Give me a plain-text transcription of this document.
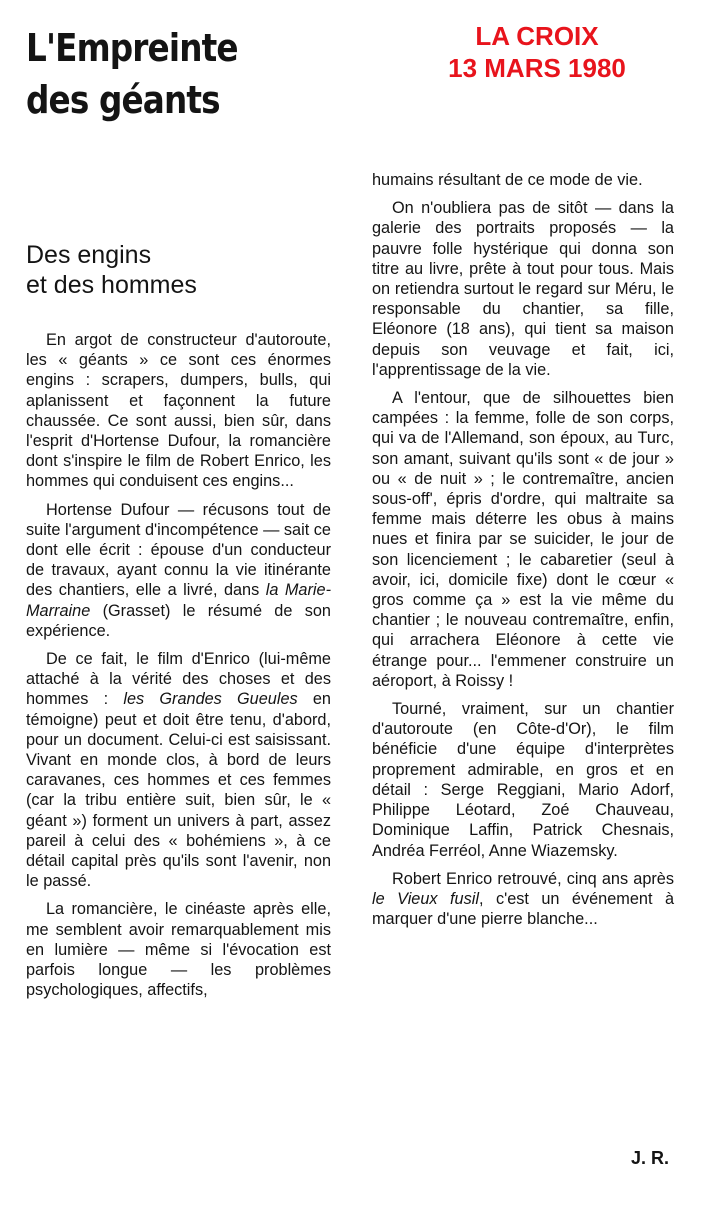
L'Empreinte
des géants
LA CROIX
13 MARS 1980
Des engins
et des hommes

En argot de constructeur d'autoroute, les « géants » ce sont ces énormes engins : scrapers, dumpers, bulls, qui aplanissent et façonnent la future chaussée. Ce sont aussi, bien sûr, dans l'esprit d'Hortense Dufour, la romancière dont s'inspire le film de Robert Enrico, les hommes qui conduisent ces engins...

Hortense Dufour — récusons tout de suite l'argument d'incompétence — sait ce dont elle écrit : épouse d'un conducteur de travaux, ayant connu la vie itinérante des chantiers, elle a livré, dans la Marie-Marraine (Grasset) le résumé de son expérience.

De ce fait, le film d'Enrico (lui-même attaché à la vérité des choses et des hommes : les Grandes Gueules en témoigne) peut et doit être tenu, d'abord, pour un document. Celui-ci est saisissant. Vivant en monde clos, à bord de leurs caravanes, ces hommes et ces femmes (car la tribu entière suit, bien sûr, le « géant ») forment un univers à part, assez pareil à celui des « bohémiens », à ce détail capital près qu'ils sont l'avenir, non le passé.

La romancière, le cinéaste après elle, me semblent avoir remarquablement mis en lumière — même si l'évocation est parfois longue — les problèmes psychologiques, affectifs,

humains résultant de ce mode de vie.

On n'oubliera pas de sitôt — dans la galerie des portraits proposés — la pauvre folle hystérique qui donna son titre au livre, prête à tout pour tous. Mais on retiendra surtout le regard sur Méru, le responsable du chantier, sa fille, Eléonore (18 ans), qui tient sa maison depuis son veuvage et fait, ici, l'apprentissage de la vie.

A l'entour, que de silhouettes bien campées : la femme, folle de son corps, qui va de l'Allemand, son époux, au Turc, son amant, suivant qu'ils sont « de jour » ou « de nuit » ; le contremaître, ancien sous-off', épris d'ordre, qui maltraite sa femme mais déterre les obus à mains nues et finira par se suicider, le jour de son licenciement ; le cabaretier (seul à avoir, ici, domicile fixe) dont le cœur « gros comme ça » est la vie même du chantier ; le nouveau contremaître, enfin, qui arrachera Eléonore à cette vie étrange pour... l'emmener construire un aéroport, à Roissy !

Tourné, vraiment, sur un chantier d'autoroute (en Côte-d'Or), le film bénéficie d'une équipe d'interprètes proprement admirable, en gros et en détail : Serge Reggiani, Mario Adorf, Philippe Léotard, Zoé Chauveau, Dominique Laffin, Patrick Chesnais, Andréa Ferréol, Anne Wiazemsky.

Robert Enrico retrouvé, cinq ans après le Vieux fusil, c'est un événement à marquer d'une pierre blanche...

J. R.
